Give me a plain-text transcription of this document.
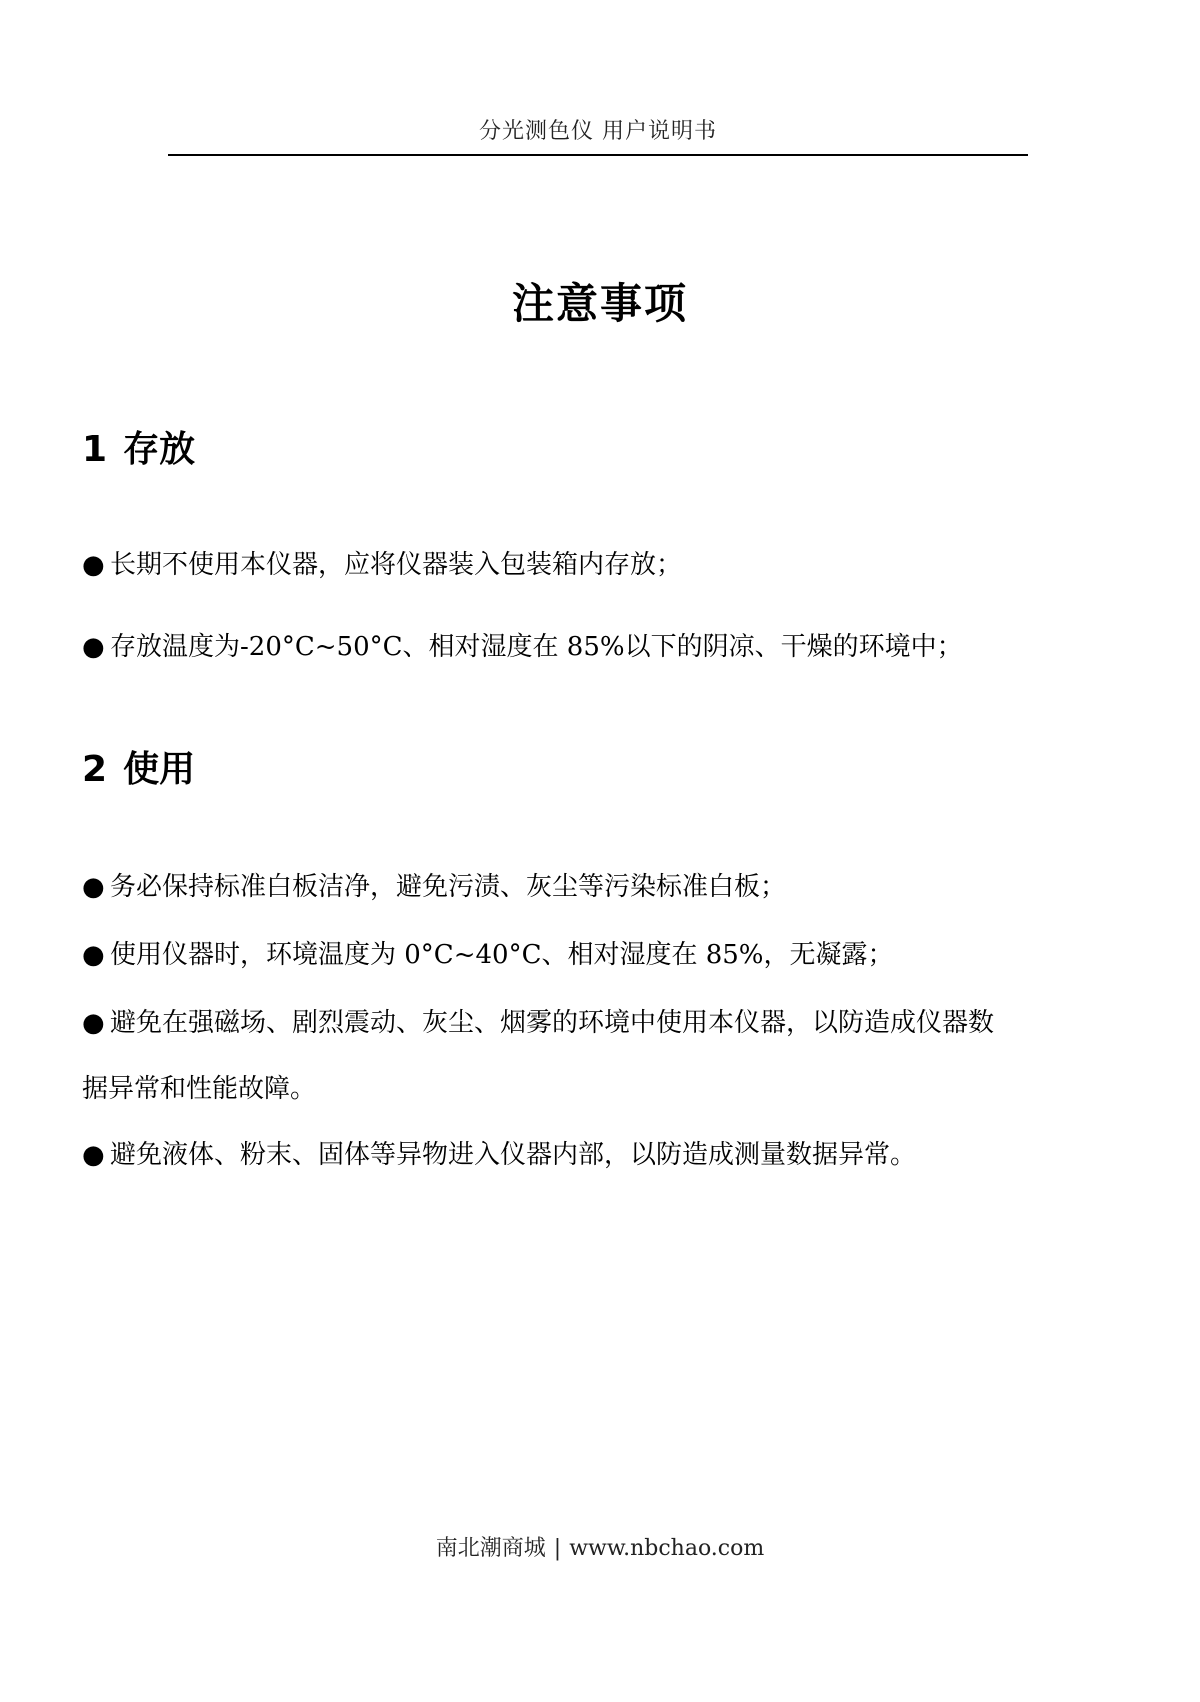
分光测色仪 用户说明书
注意事项
1 存放
● 长期不使用本仪器，应将仪器装入包装箱内存放；
● 存放温度为-20°C~50°C、相对湿度在 85%以下的阴凉、干燥的环境中；
2 使用
● 务必保持标准白板洁净，避免污渍、灰尘等污染标准白板；
● 使用仪器时，环境温度为 0°C~40°C、相对湿度在 85%，无凝露；
● 避免在强磁场、剧烈震动、灰尘、烟雾的环境中使用本仪器，以防造成仪器数
据异常和性能故障。
● 避免液体、粉末、固体等异物进入仪器内部，以防造成测量数据异常。
南北潮商城 | www.nbchao.com
